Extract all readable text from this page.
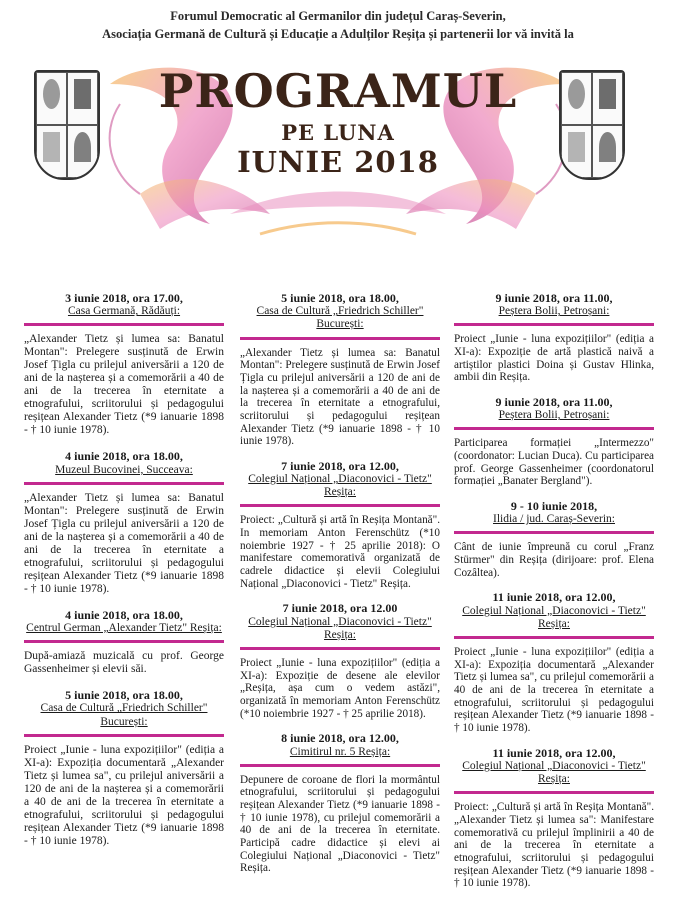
Forumul Democratic al Germanilor din județul Caraș-Severin,
Asociația Germană de Cultură și Educație a Adulților Reșița și partenerii lor vă invită la
PROGRAMUL
PE LUNA
IUNIE 2018
3 iunie 2018, ora 17.00,
Casa Germană, Rădăuți:
„Alexander Tietz și lumea sa: Banatul Montan": Prelegere susținută de Erwin Josef Țigla cu prilejul aniversării a 120 de ani de la nașterea și a comemorării a 40 de ani de la trecerea în eternitate a etnografului, scriitorului și pedagogului reșițean Alexander Tietz (*9 ianuarie 1898 - † 10 iunie 1978).
4 iunie 2018, ora 18.00,
Muzeul Bucovinei, Succeava:
„Alexander Tietz și lumea sa: Banatul Montan": Prelegere susținută de Erwin Josef Țigla cu prilejul aniversării a 120 de ani de la nașterea și a comemorării a 40 de ani de la trecerea în eternitate a etnografului, scriitorului și pedagogului reșițean Alexander Tietz (*9 ianuarie 1898 - † 10 iunie 1978).
4 iunie 2018, ora 18.00,
Centrul German „Alexander Tietz" Reșița:
După-amiază muzicală cu prof. George Gassenheimer și elevii săi.
5 iunie 2018, ora 18.00,
Casa de Cultură „Friedrich Schiller" București:
Proiect „Iunie - luna expozițiilor" (ediția a XI-a): Expoziția documentară „Alexander Tietz și lumea sa", cu prilejul aniversării a 120 de ani de la nașterea și a comemorării a 40 de ani de la trecerea în eternitate a etnografului, scriitorului și pedagogului reșițean Alexander Tietz (*9 ianuarie 1898 - † 10 iunie 1978).
5 iunie 2018, ora 18.00,
Casa de Cultură „Friedrich Schiller" București:
„Alexander Tietz și lumea sa: Banatul Montan": Prelegere susținută de Erwin Josef Țigla cu prilejul aniversării a 120 de ani de la nașterea și a comemorării a 40 de ani de la trecerea în eternitate a etnografului, scriitorului și pedagogului reșițean Alexander Tietz (*9 ianuarie 1898 - † 10 iunie 1978).
7 iunie 2018, ora 12.00,
Colegiul Național „Diaconovici - Tietz" Reșița:
Proiect: „Cultură și artă în Reșița Montană". In memoriam Anton Ferenschütz (*10 noiembrie 1927 - † 25 aprilie 2018): O manifestare comemorativă organizată de cadrele didactice și elevii Colegiului Național „Diaconovici - Tietz" Reșița.
7 iunie 2018, ora 12.00
Colegiul Național „Diaconovici - Tietz" Reșița:
Proiect „Iunie - luna expozițiilor" (ediția a XI-a): Expoziție de desene ale elevilor „Reșița, așa cum o vedem astăzi", organizată în memoriam Anton Ferenschütz (*10 noiembrie 1927 - † 25 aprilie 2018).
8 iunie 2018, ora 12.00,
Cimitirul nr. 5 Reșița:
Depunere de coroane de flori la mormântul etnografului, scriitorului și pedagogului reșițean Alexander Tietz (*9 ianuarie 1898 - † 10 iunie 1978), cu prilejul comemorării a 40 de ani de la trecerea în eternitate. Participă cadre didactice și elevi ai Colegiului Național „Diaconovici - Tietz" Reșița.
9 iunie 2018, ora 11.00,
Peștera Bolii, Petroșani:
Proiect „Iunie - luna expozițiilor" (ediția a XI-a): Expoziție de artă plastică naivă a artiștilor plastici Doina și Gustav Hlinka, ambii din Reșița.
9 iunie 2018, ora 11.00,
Peștera Bolii, Petroșani:
Participarea formației „Intermezzo" (coordonator: Lucian Duca). Cu participarea prof. George Gassenheimer (coordonatorul formației „Banater Bergland").
9 - 10 iunie 2018,
Ilidia / jud. Caraș-Severin:
Cânt de iunie împreună cu corul „Franz Stürmer" din Reșița (dirijoare: prof. Elena Cozâltea).
11 iunie 2018, ora 12.00,
Colegiul Național „Diaconovici - Tietz" Reșița:
Proiect „Iunie - luna expozițiilor" (ediția a XI-a): Expoziția documentară „Alexander Tietz și lumea sa", cu prilejul comemorării a 40 de ani de la trecerea în eternitate a etnografului, scriitorului și pedagogului reșițean Alexander Tietz (*9 ianuarie 1898 - † 10 iunie 1978).
11 iunie 2018, ora 12.00,
Colegiul Național „Diaconovici - Tietz" Reșița:
Proiect: „Cultură și artă în Reșița Montană". „Alexander Tietz și lumea sa": Manifestare comemorativă cu prilejul împlinirii a 40 de ani de la trecerea în eternitate a etnografului, scriitorului și pedagogului reșițean Alexander Tietz (*9 ianuarie 1898 - † 10 iunie 1978).
